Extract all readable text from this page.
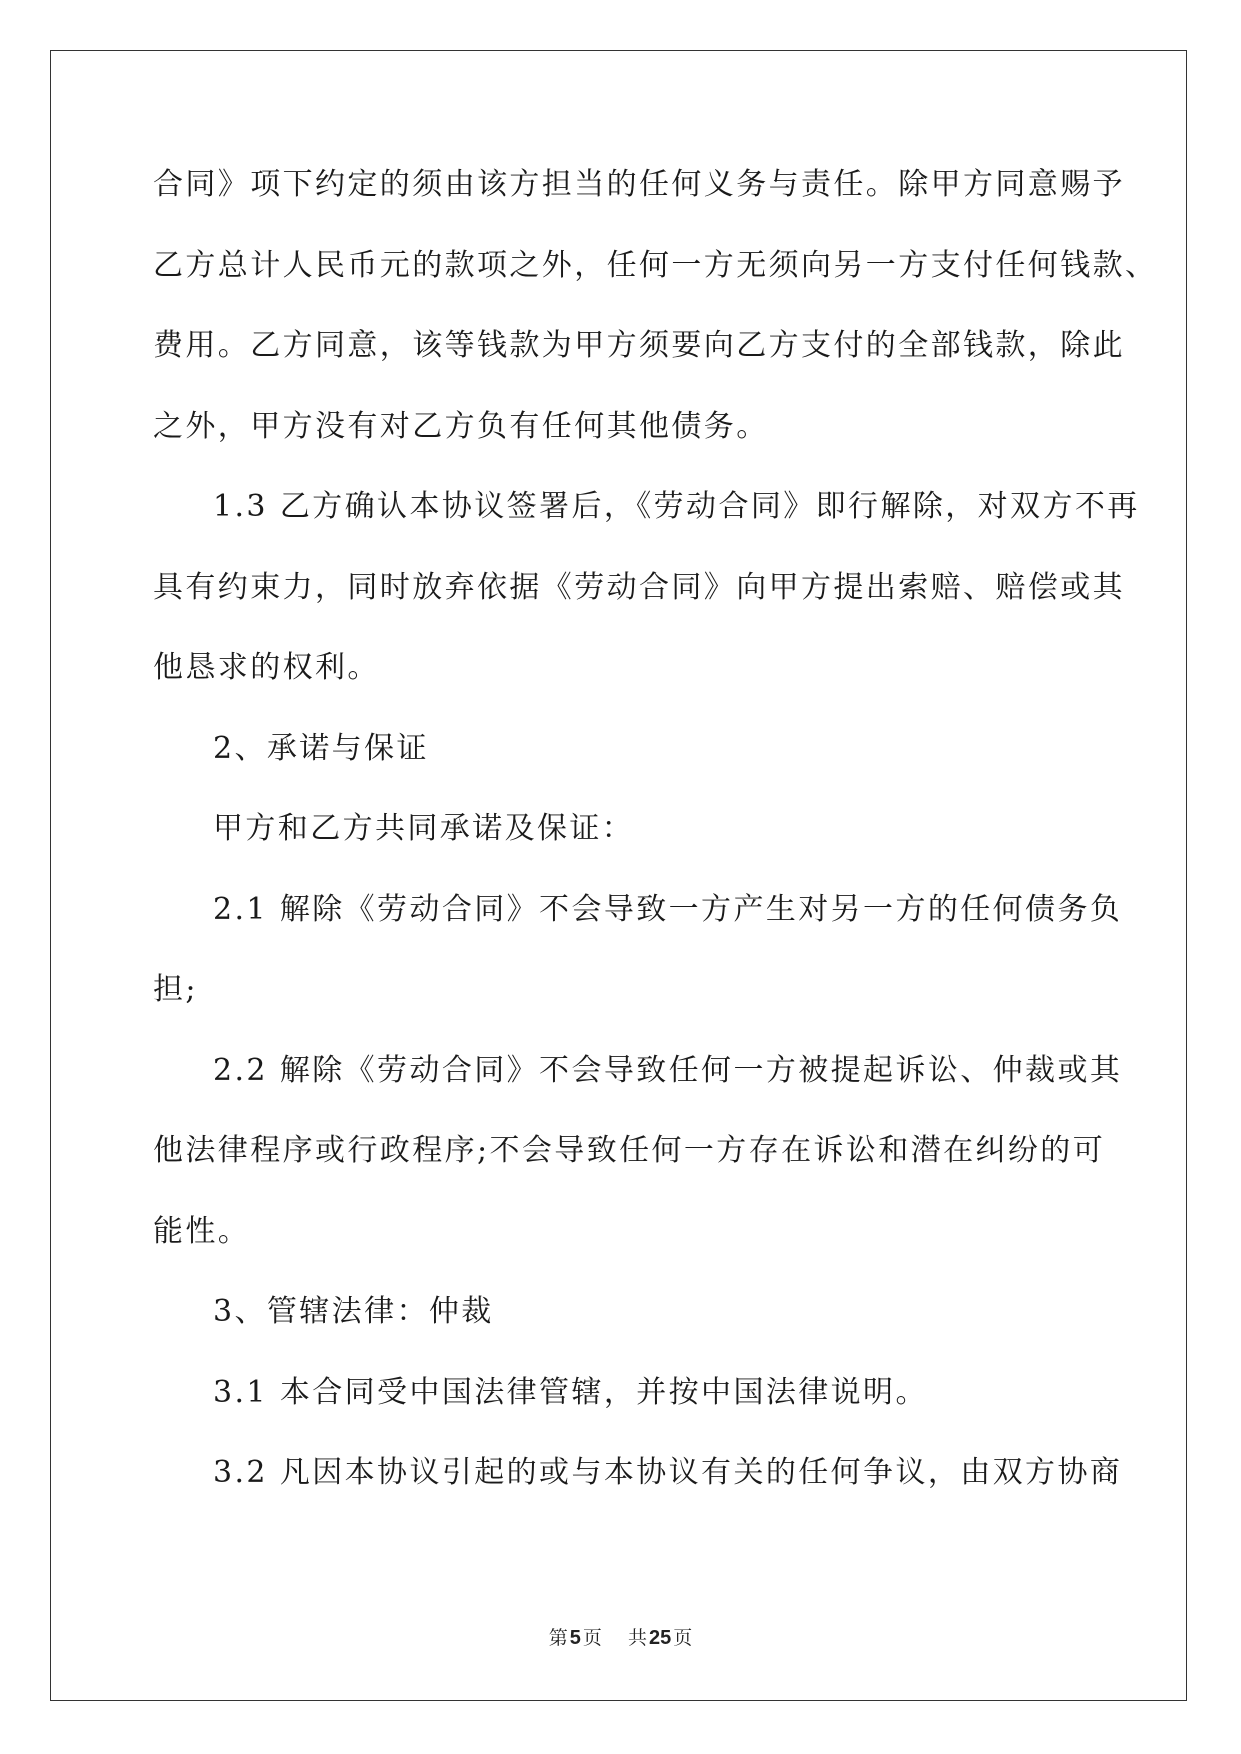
合同》项下约定的须由该方担当的任何义务与责任。除甲方同意赐予
乙方总计人民币元的款项之外，任何一方无须向另一方支付任何钱款、
费用。乙方同意，该等钱款为甲方须要向乙方支付的全部钱款，除此
之外，甲方没有对乙方负有任何其他债务。
1.3 乙方确认本协议签署后，《劳动合同》即行解除，对双方不再
具有约束力，同时放弃依据《劳动合同》向甲方提出索赔、赔偿或其
他恳求的权利。
2、承诺与保证
甲方和乙方共同承诺及保证：
2.1 解除《劳动合同》不会导致一方产生对另一方的任何债务负
担;
2.2 解除《劳动合同》不会导致任何一方被提起诉讼、仲裁或其
他法律程序或行政程序;不会导致任何一方存在诉讼和潜在纠纷的可
能性。
3、管辖法律：仲裁
3.1 本合同受中国法律管辖，并按中国法律说明。
3.2 凡因本协议引起的或与本协议有关的任何争议，由双方协商
第 5 页 共 25 页
